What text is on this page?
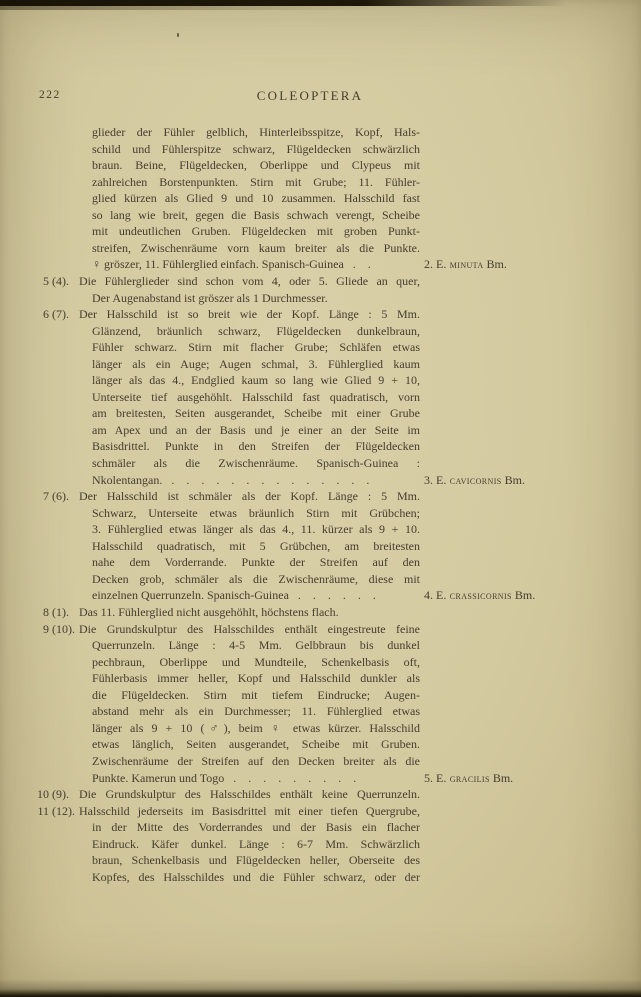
222	COLEOPTERA
glieder der Fühler gelblich, Hinterleibsspitze, Kopf, Hals-
schild und Fühlerspitze schwarz, Flügeldecken schwärzlich
braun. Beine, Flügeldecken, Oberlippe und Clypeus mit
zahlreichen Borstenpunkten. Stirn mit Grube; 11. Fühler-
glied kürzen als Glied 9 und 10 zusammen. Halsschild fast
so lang wie breit, gegen die Basis schwach verengt, Scheibe
mit undeutlichen Gruben. Flügeldecken mit groben Punkt-
streifen, Zwischenräume vorn kaum breiter als die Punkte.
♀ gröszer, 11. Fühlerglied einfach. Spanisch-Guinea ..	2. E. minuta Bm.
5 (4). Die Fühlerglieder sind schon vom 4, oder 5. Gliede an quer,
Der Augenabstand ist gröszer als 1 Durchmesser.
6 (7). Der Halsschild ist so breit wie der Kopf. Länge : 5 Mm.
Glänzend, bräunlich schwarz, Flügeldecken dunkelbraun,
Fühler schwarz. Stirn mit flacher Grube; Schläfen etwas
länger als ein Auge; Augen schmal, 3. Fühlerglied kaum
länger als das 4., Endglied kaum so lang wie Glied 9 + 10,
Unterseite tief ausgehöhlt. Halsschild fast quadratisch, vorn
am breitesten, Seiten ausgerandet, Scheibe mit einer Grube
am Apex und an der Basis und je einer an der Seite im
Basisdrittel. Punkte in den Streifen der Flügeldecken
schmäler als die Zwischenräume. Spanisch-Guinea :
Nkolentangan. ..............	3. E. cavicornis Bm.
7 (6). Der Halsschild ist schmäler als der Kopf. Länge : 5 Mm.
Schwarz, Unterseite etwas bräunlich Stirn mit Grübchen;
3. Fühlerglied etwas länger als das 4., 11. kürzer als 9 + 10.
Halsschild quadratisch, mit 5 Grübchen, am breitesten
nahe dem Vorderrande. Punkte der Streifen auf den
Decken grob, schmäler als die Zwischenräume, diese mit
einzelnen Querrunzeln. Spanisch-Guinea ......	4. E. crassicornis Bm.
8 (1). Das 11. Fühlerglied nicht ausgehöhlt, höchstens flach.
9 (10). Die Grundskulptur des Halsschildes enthält eingestreute feine
Querrunzeln. Länge : 4-5 Mm. Gelbbraun bis dunkel
pechbraun, Oberlippe und Mundteile, Schenkelbasis oft,
Fühlerbasis immer heller, Kopf und Halsschild dunkler als
die Flügeldecken. Stirn mit tiefem Eindrucke; Augen-
abstand mehr als ein Durchmesser; 11. Fühlerglied etwas
länger als 9 + 10 (♂), beim ♀ etwas kürzer. Halsschild
etwas länglich, Seiten ausgerandet, Scheibe mit Gruben.
Zwischenräume der Streifen auf den Decken breiter als die
Punkte. Kamerun und Togo .........	5. E. gracilis Bm.
10 (9). Die Grundskulptur des Halsschildes enthält keine Querrunzeln.
11 (12). Halsschild jederseits im Basisdrittel mit einer tiefen Quergrube,
in der Mitte des Vorderrandes und der Basis ein flacher
Eindruck. Käfer dunkel. Länge : 6-7 Mm. Schwärzlich
braun, Schenkelbasis und Flügeldecken heller, Oberseite des
Kopfes, des Halsschildes und die Fühler schwarz, oder der
